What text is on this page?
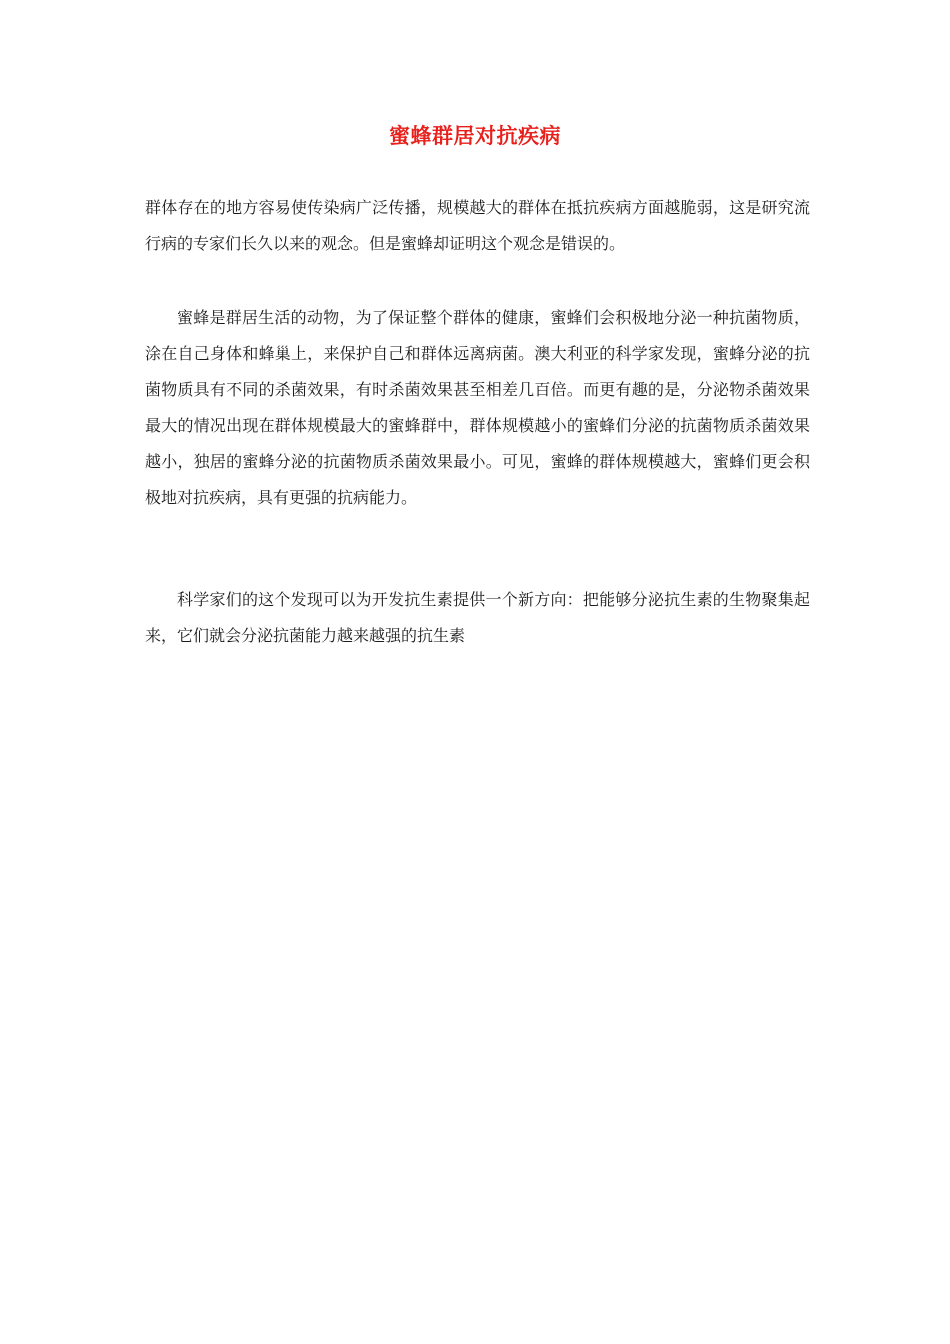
蜜蜂群居对抗疾病

群体存在的地方容易使传染病广泛传播，规模越大的群体在抵抗疾病方面越脆弱，这是研究流行病的专家们长久以来的观念。但是蜜蜂却证明这个观念是错误的。

蜜蜂是群居生活的动物，为了保证整个群体的健康，蜜蜂们会积极地分泌一种抗菌物质，涂在自己身体和蜂巢上，来保护自己和群体远离病菌。澳大利亚的科学家发现，蜜蜂分泌的抗菌物质具有不同的杀菌效果，有时杀菌效果甚至相差几百倍。而更有趣的是，分泌物杀菌效果最大的情况出现在群体规模最大的蜜蜂群中，群体规模越小的蜜蜂们分泌的抗菌物质杀菌效果越小，独居的蜜蜂分泌的抗菌物质杀菌效果最小。可见，蜜蜂的群体规模越大，蜜蜂们更会积极地对抗疾病，具有更强的抗病能力。

科学家们的这个发现可以为开发抗生素提供一个新方向：把能够分泌抗生素的生物聚集起来，它们就会分泌抗菌能力越来越强的抗生素
